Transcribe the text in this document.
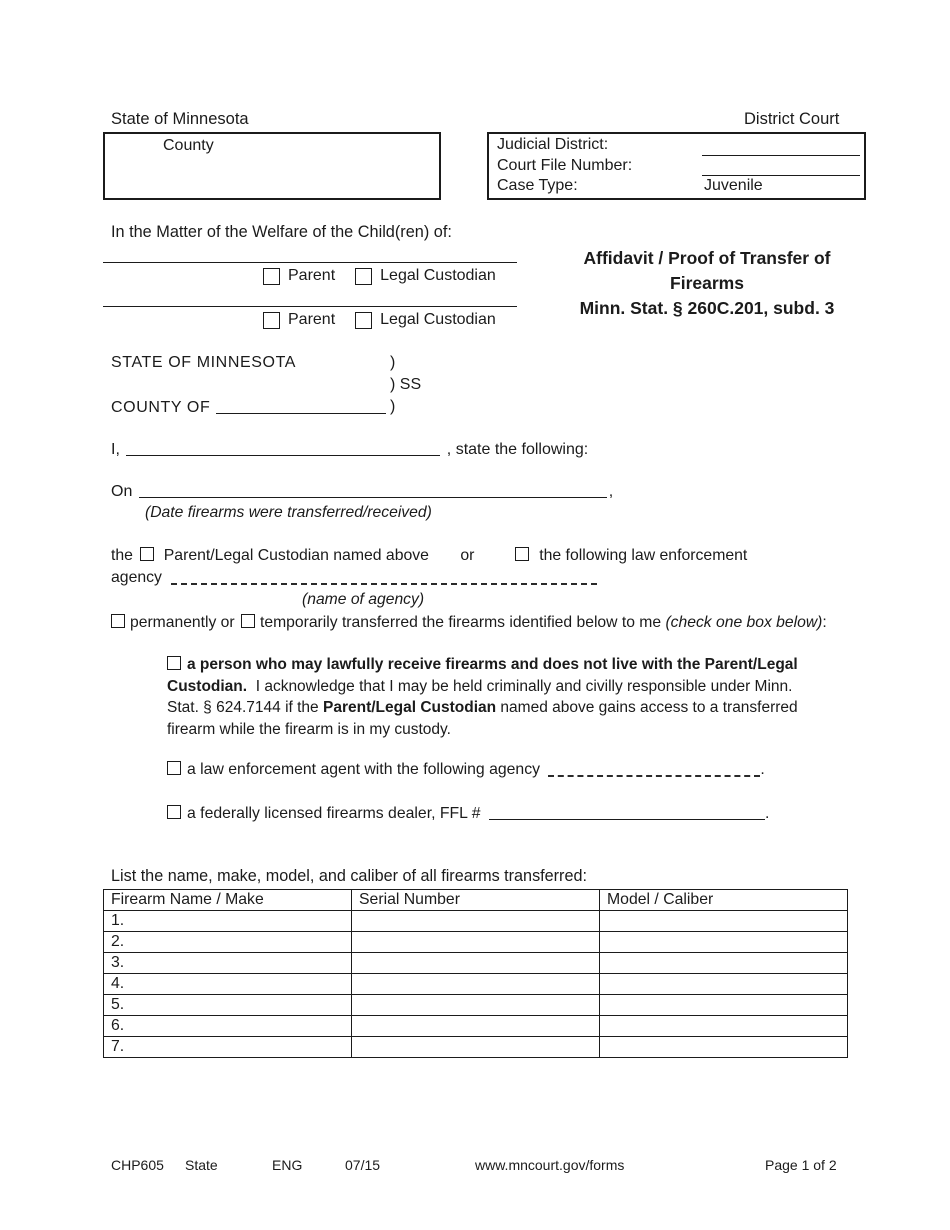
State of Minnesota	District Court
County	Judicial District:
Court File Number:
Case Type:	Juvenile
In the Matter of the Welfare of the Child(ren) of:
Parent	Legal Custodian
Parent	Legal Custodian
Affidavit / Proof of Transfer of
Firearms
Minn. Stat. § 260C.201, subd. 3
STATE OF MINNESOTA	)
) SS
COUNTY OF	)
I,	, state the following:
On	,
(Date firearms were transferred/received)
the Parent/Legal Custodian named above or	the following law enforcement
agency
(name of agency)
permanently or temporarily transferred the firearms identified below to me (check one box below):
a person who may lawfully receive firearms and does not live with the Parent/Legal Custodian.  I acknowledge that I may be held criminally and civilly responsible under Minn. Stat. § 624.7144 if the Parent/Legal Custodian named above gains access to a transferred firearm while the firearm is in my custody.
a law enforcement agent with the following agency	.
a federally licensed firearms dealer, FFL #	.
List the name, make, model, and caliber of all firearms transferred:
Firearm Name / Make	Serial Number	Model / Caliber
1.		
2.		
3.		
4.		
5.		
6.		
7.		
CHP605 State	ENG	07/15	www.mncourt.gov/forms	Page 1 of 2
